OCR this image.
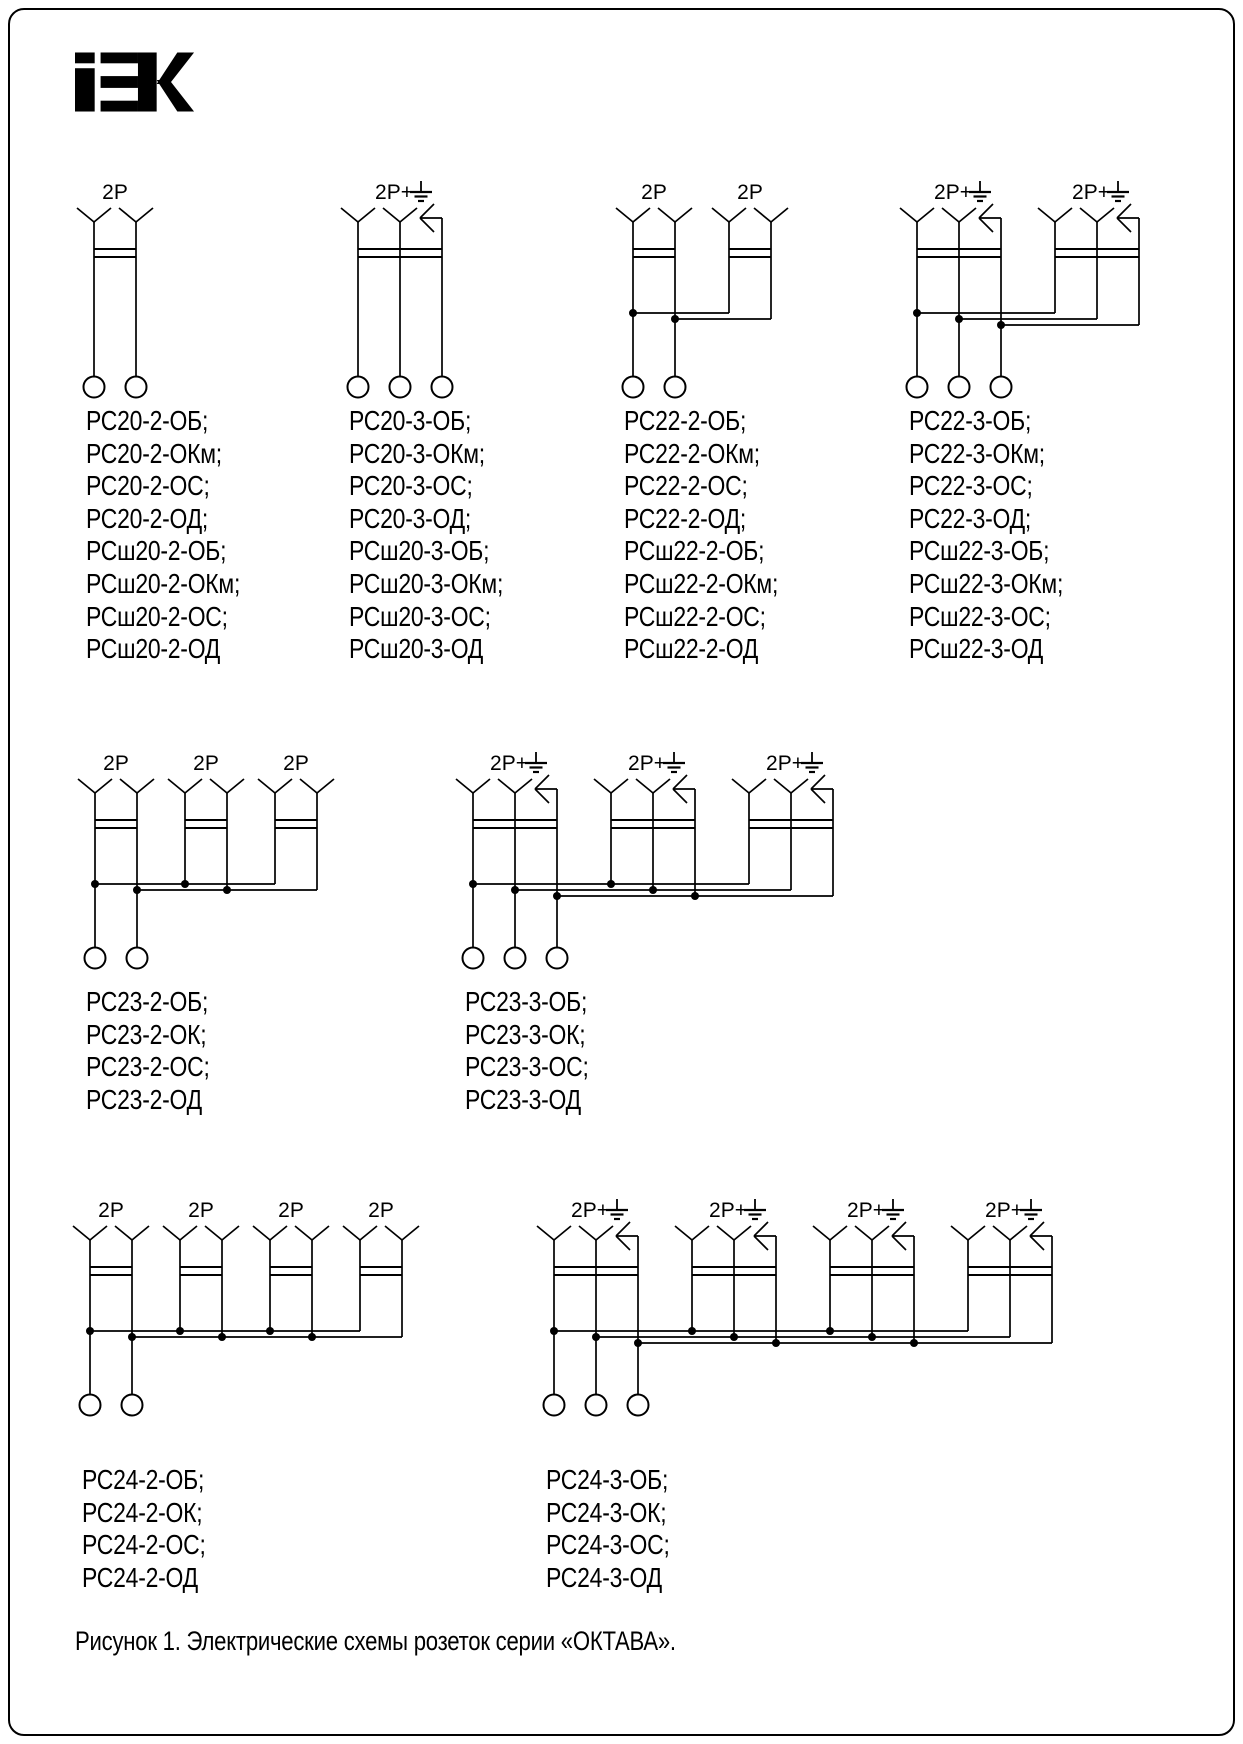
2P	2P+	2P	2P	2P+	2P+
2P	2P	2P	2P+	2P+	2P+
2P	2P	2P	2P	2P+	2P+	2P+	2P+
РС20-2-ОБ;
РС20-2-ОКм;
РС20-2-ОС;
РС20-2-ОД;
РСш20-2-ОБ;
РСш20-2-ОКм;
РСш20-2-ОС;
РСш20-2-ОД
РС20-3-ОБ;
РС20-3-ОКм;
РС20-3-ОС;
РС20-3-ОД;
РСш20-3-ОБ;
РСш20-3-ОКм;
РСш20-3-ОС;
РСш20-3-ОД
РС22-2-ОБ;
РС22-2-ОКм;
РС22-2-ОС;
РС22-2-ОД;
РСш22-2-ОБ;
РСш22-2-ОКм;
РСш22-2-ОС;
РСш22-2-ОД
РС22-3-ОБ;
РС22-3-ОКм;
РС22-3-ОС;
РС22-3-ОД;
РСш22-3-ОБ;
РСш22-3-ОКм;
РСш22-3-ОС;
РСш22-3-ОД
РС23-2-ОБ;
РС23-2-ОК;
РС23-2-ОС;
РС23-2-ОД
РС23-3-ОБ;
РС23-3-ОК;
РС23-3-ОС;
РС23-3-ОД
РС24-2-ОБ;
РС24-2-ОК;
РС24-2-ОС;
РС24-2-ОД
РС24-3-ОБ;
РС24-3-ОК;
РС24-3-ОС;
РС24-3-ОД
Рисунок 1. Электрические схемы розеток серии «ОКТАВА».
